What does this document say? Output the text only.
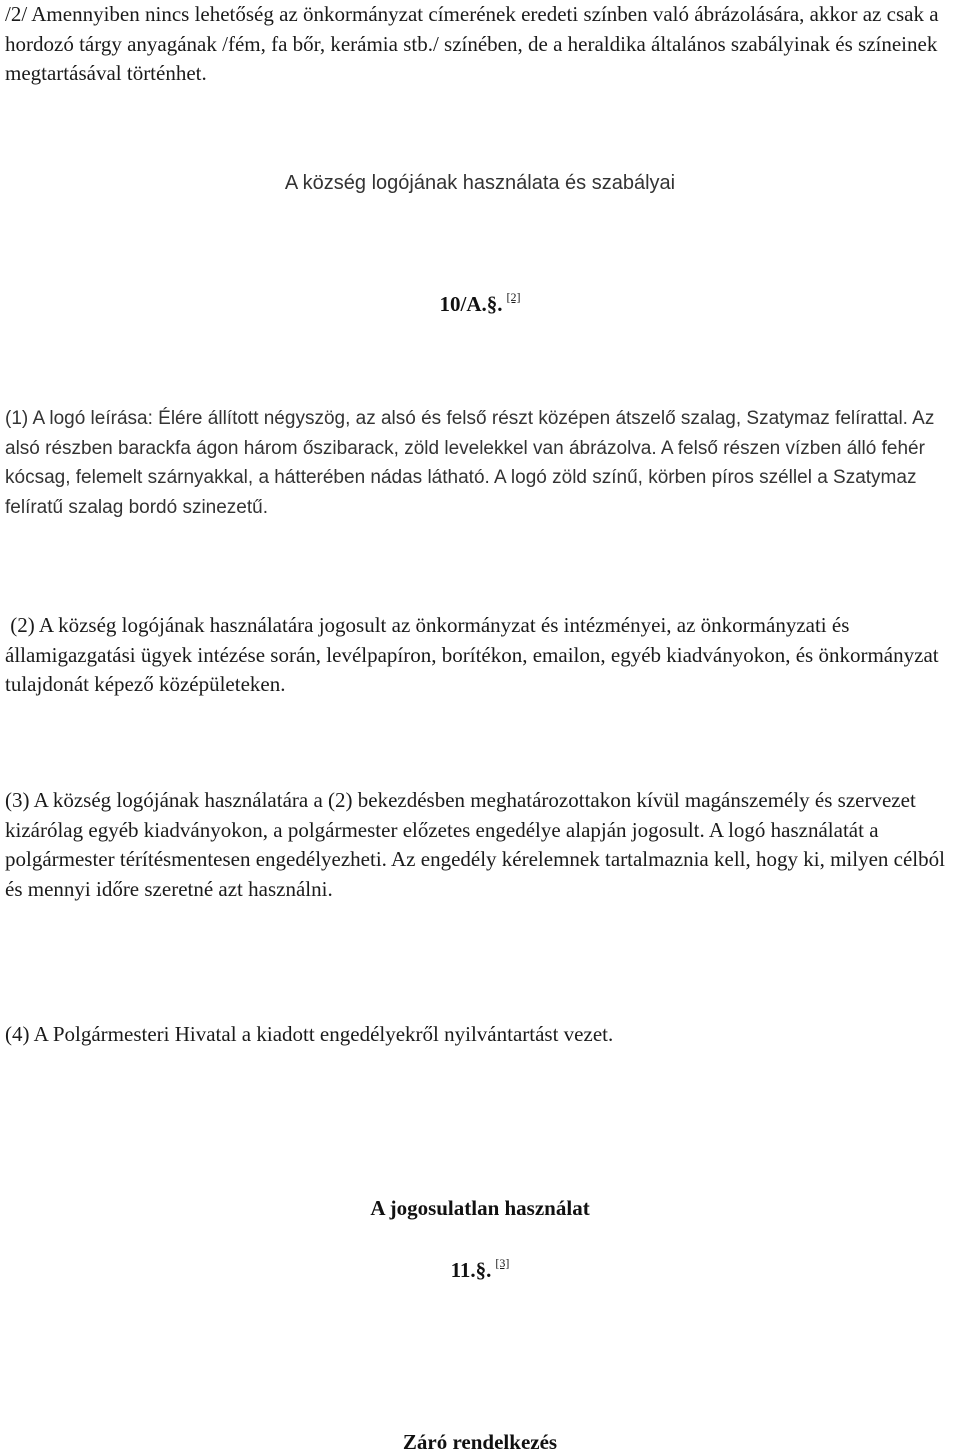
/2/ Amennyiben nincs lehetőség az önkormányzat címerének eredeti színben való ábrázolására, akkor az csak a hordozó tárgy anyagának /fém, fa bőr, kerámia stb./ színében, de a heraldika általános szabályinak és színeinek megtartásával történhet.

A község logójának használata és szabályai
10/A.§. [2]

(1) A logó leírása: Élére állított négyszög, az alsó és felső részt középen átszelő szalag, Szatymaz felírattal. Az alsó részben barackfa ágon három őszibarack, zöld levelekkel van ábrázolva. A felső részen vízben álló fehér kócsag, felemelt szárnyakkal, a hátterében nádas látható. A logó zöld színű, körben píros széllel a Szatymaz felíratű szalag bordó szinezetű.

(2) A község logójának használatára jogosult az önkormányzat és intézményei, az önkormányzati és államigazgatási ügyek intézése során, levélpapíron, borítékon, emailon, egyéb kiadványokon, és önkormányzat tulajdonát képező középületeken.

(3) A község logójának használatára a (2) bekezdésben meghatározottakon kívül magánszemély és szervezet kizárólag egyéb kiadványokon, a polgármester előzetes engedélye alapján jogosult. A logó használatát a polgármester térítésmentesen engedélyezheti. Az engedély kérelemnek tartalmaznia kell, hogy ki, milyen célból és mennyi időre szeretné azt használni.

(4) A Polgármesteri Hivatal a kiadott engedélyekről nyilvántartást vezet.

A jogosulatlan használat
11.§. [3]
Záró rendelkezés
